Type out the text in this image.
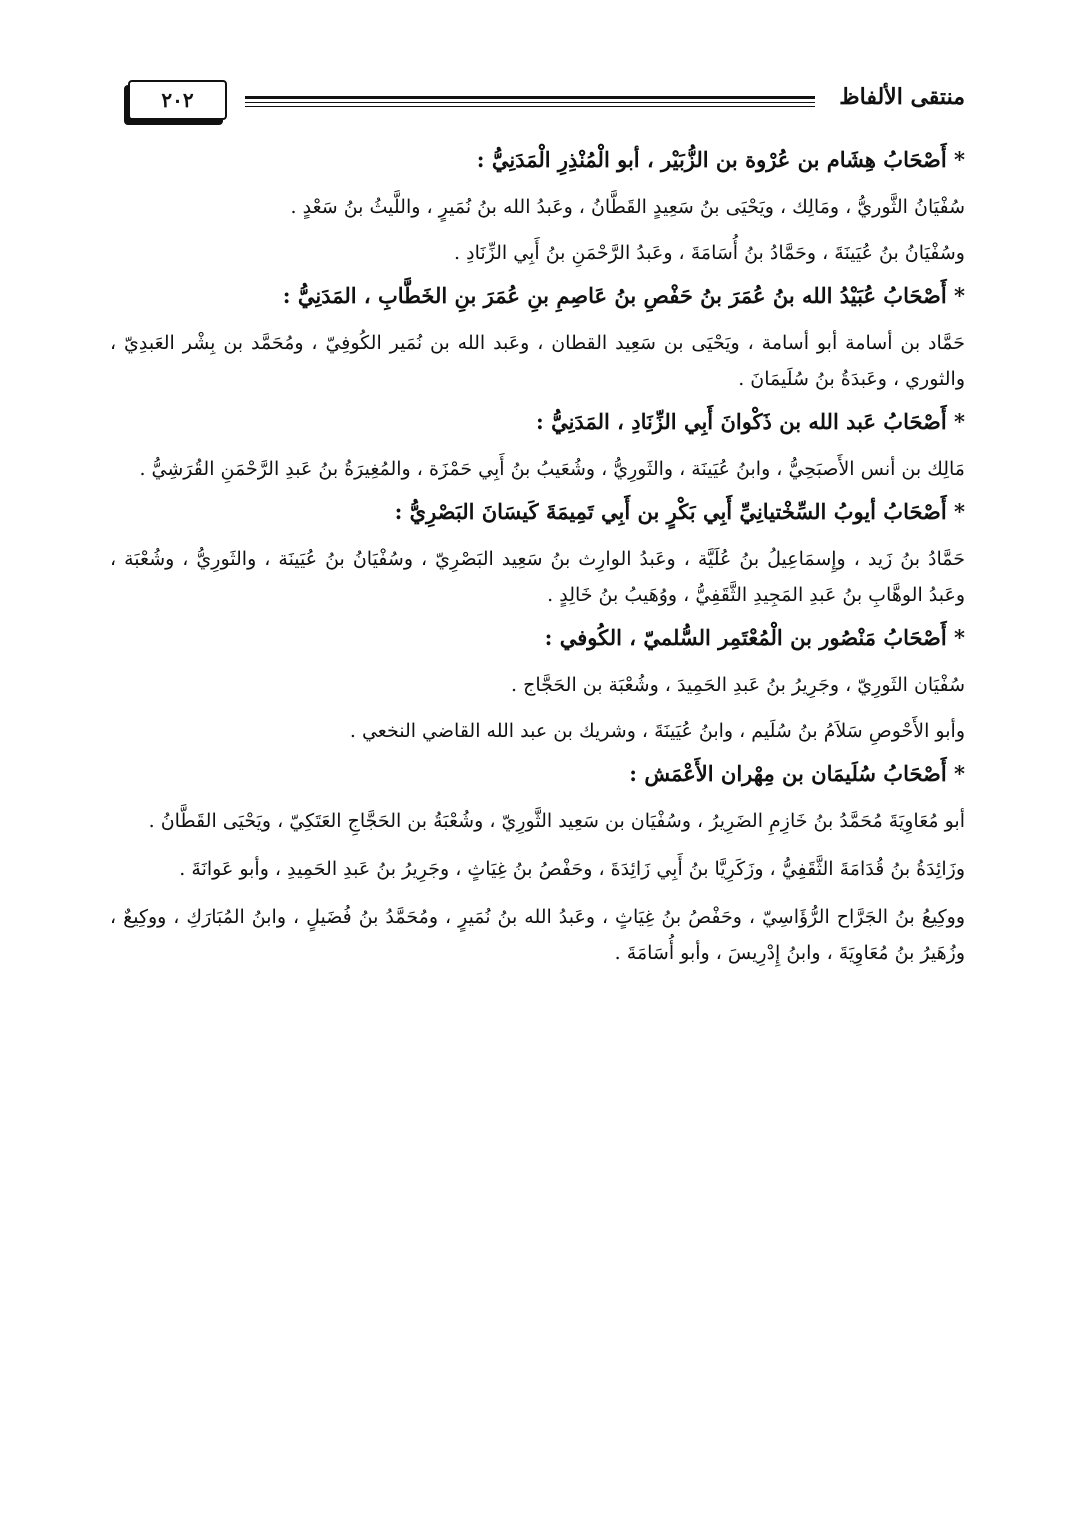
منتقى الألفاظ
٢٠٢
* أَصْحَابُ هِشَام بن عُرْوة بن الزُّبَيْر ، أبو الْمُنْذِرِ الْمَدَنِيُّ :
سُفْيَانُ الثَّوريُّ ، ومَالِك ، ويَحْيَى بنُ سَعِيدٍ القَطَّانُ ، وعَبدُ الله بنُ نُمَيرٍ ، واللَّيثُ بنُ سَعْدٍ .
وسُفْيَانُ بنُ عُيَينَةَ ، وحَمَّادُ بنُ أُسَامَةَ ، وعَبدُ الرَّحْمَنِ بنُ أَبِي الزِّنَادِ .
* أَصْحَابُ عُبَيْدُ الله بنُ عُمَرَ بنُ حَفْصِ بنُ عَاصِمِ بنِ عُمَرَ بنِ الخَطَّابِ ، المَدَنِيُّ :
حَمَّاد بن أسامة أبو أسامة ، ويَحْيَى بن سَعِيد القطان ، وعَبد الله بن نُمَير الكُوفِيّ ، ومُحَمَّد بن بِشْر العَبدِيّ ، والثوري ، وعَبدَةُ بنُ سُلَيمَانَ .
* أَصْحَابُ عَبد الله بن ذَكْوانَ أَبِي الزِّنَادِ ، المَدَنِيُّ :
مَالِك بن أنس الأَصبَحِيُّ ، وابنُ عُيَينَة ، والثَورِيُّ ، وشُعَيبُ بنُ أَبِي حَمْزَة ، والمُغِيرَةُ بنُ عَبدِ الرَّحْمَنِ القُرَشِيُّ .
* أَصْحَابُ أيوبُ السِّخْتيانِيِّ أَبِي بَكْرٍ بن أَبِي تَمِيمَةَ كَيسَانَ البَصْرِيُّ :
حَمَّادُ بنُ زَيد ، وإِسمَاعِيلُ بنُ عُلَيَّة ، وعَبدُ الوارِث بنُ سَعِيد البَصْرِيّ ، وسُفْيَانُ بنُ عُيَينَة ، والثَورِيُّ ، وشُعْبَة ، وعَبدُ الوهَّابِ بنُ عَبدِ المَجِيدِ الثَّقَفِيُّ ، ووُهَيبُ بنُ خَالِدٍ .
* أَصْحَابُ مَنْصُور بن الْمُعْتَمِر السُّلميّ ، الكُوفي :
سُفْيَان الثَورِيّ ، وجَرِيرُ بنُ عَبدِ الحَمِيدَ ، وشُعْبَة بن الحَجَّاج .
وأبو الأَحْوصِ سَلاَمُ بنُ سُلَيم ، وابنُ عُيَينَةَ ، وشريك بن عبد الله القاضي النخعي .
* أَصْحَابُ سُلَيمَان بن مِهْران الأَعْمَش :
أبو مُعَاوِيَةَ مُحَمَّدُ بنُ خَازِمِ الضَرِيرُ ، وسُفْيَان بن سَعِيد الثَّورِيّ ، وشُعْبَةُ بن الحَجَّاجِ العَتَكِيّ ، ويَحْيَى القَطَّانُ .
وزَائِدَةُ بنُ قُدَامَةَ الثَّقَفِيُّ ، وزَكَرِيَّا بنُ أَبِي زَائِدَةَ ، وحَفْصُ بنُ غِيَاثٍ ، وجَرِيرُ بنُ عَبدِ الحَمِيدِ ، وأبو عَوانَةَ .
ووكِيعُ بنُ الجَرَّاح الرُّؤَاسِيّ ، وحَفْصُ بنُ غِيَاثٍ ، وعَبدُ الله بنُ نُمَيرٍ ، ومُحَمَّدُ بنُ فُضَيلٍ ، وابنُ المُبَارَكِ ، ووكِيعٌ ، وزُهَيرُ بنُ مُعَاوِيَةَ ، وابنُ إِدْرِيسَ ، وأبو أُسَامَةَ .
